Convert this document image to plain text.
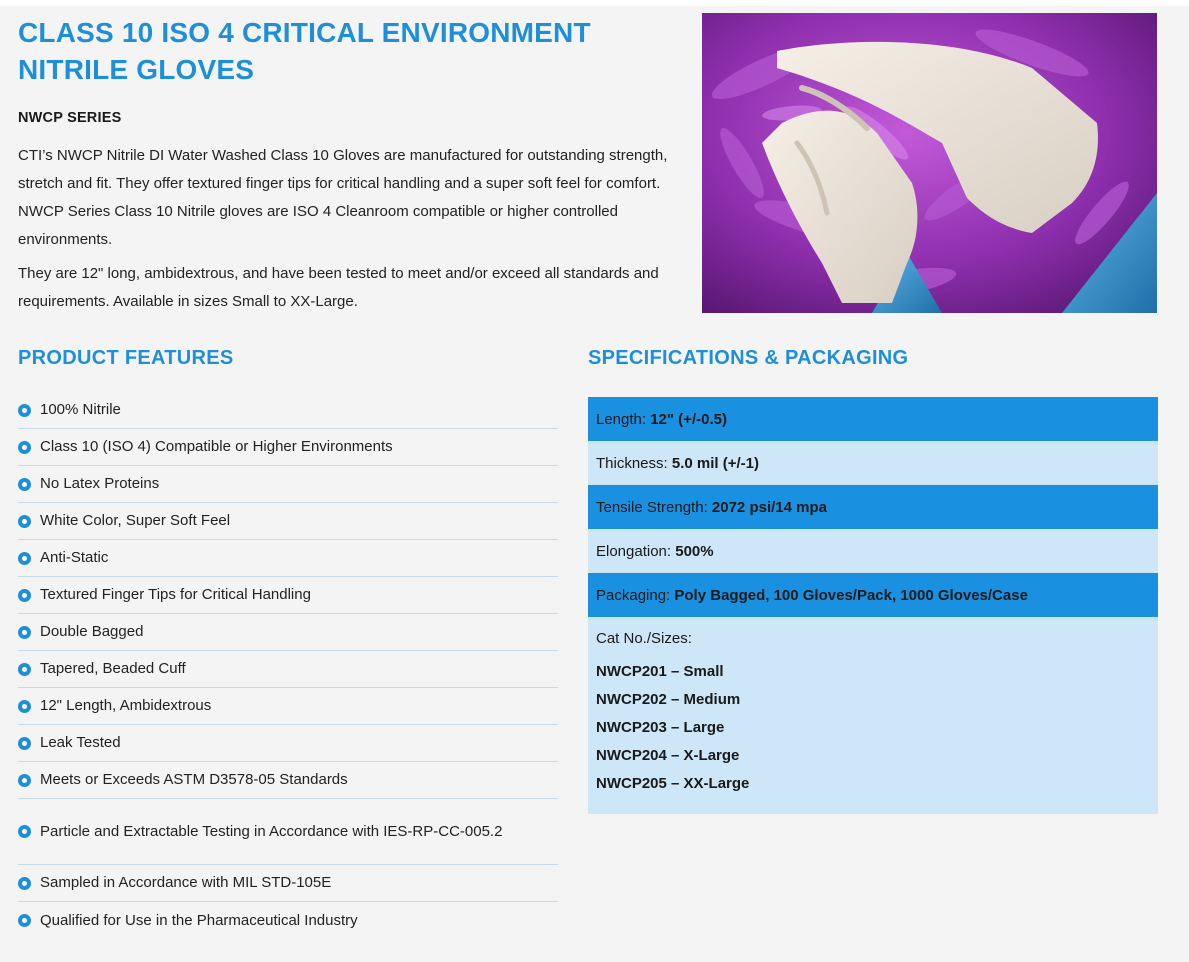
CLASS 10 ISO 4 CRITICAL ENVIRONMENT
NITRILE GLOVES

NWCP SERIES

CTI’s NWCP Nitrile DI Water Washed Class 10 Gloves are manufactured for outstanding strength, stretch and fit. They offer textured finger tips for critical handling and a super soft feel for comfort. NWCP Series Class 10 Nitrile gloves are ISO 4 Cleanroom compatible or higher controlled environments.

They are 12" long, ambidextrous, and have been tested to meet and/or exceed all standards and requirements. Available in sizes Small to XX-Large.

PRODUCT FEATURES
100% Nitrile
Class 10 (ISO 4) Compatible or Higher Environments
No Latex Proteins
White Color, Super Soft Feel
Anti-Static
Textured Finger Tips for Critical Handling
Double Bagged
Tapered, Beaded Cuff
12" Length, Ambidextrous
Leak Tested
Meets or Exceeds ASTM D3578-05 Standards
Particle and Extractable Testing in Accordance with IES-RP-CC-005.2
Sampled in Accordance with MIL STD-105E
Qualified for Use in the Pharmaceutical Industry
SPECIFICATIONS & PACKAGING
Length: 12" (+/-0.5)
Thickness: 5.0 mil (+/-1)
Tensile Strength: 2072 psi/14 mpa
Elongation: 500%
Packaging: Poly Bagged, 100 Gloves/Pack, 1000 Gloves/Case
Cat No./Sizes:
NWCP201 – Small
NWCP202 – Medium
NWCP203 – Large
NWCP204 – X-Large
NWCP205 – XX-Large
